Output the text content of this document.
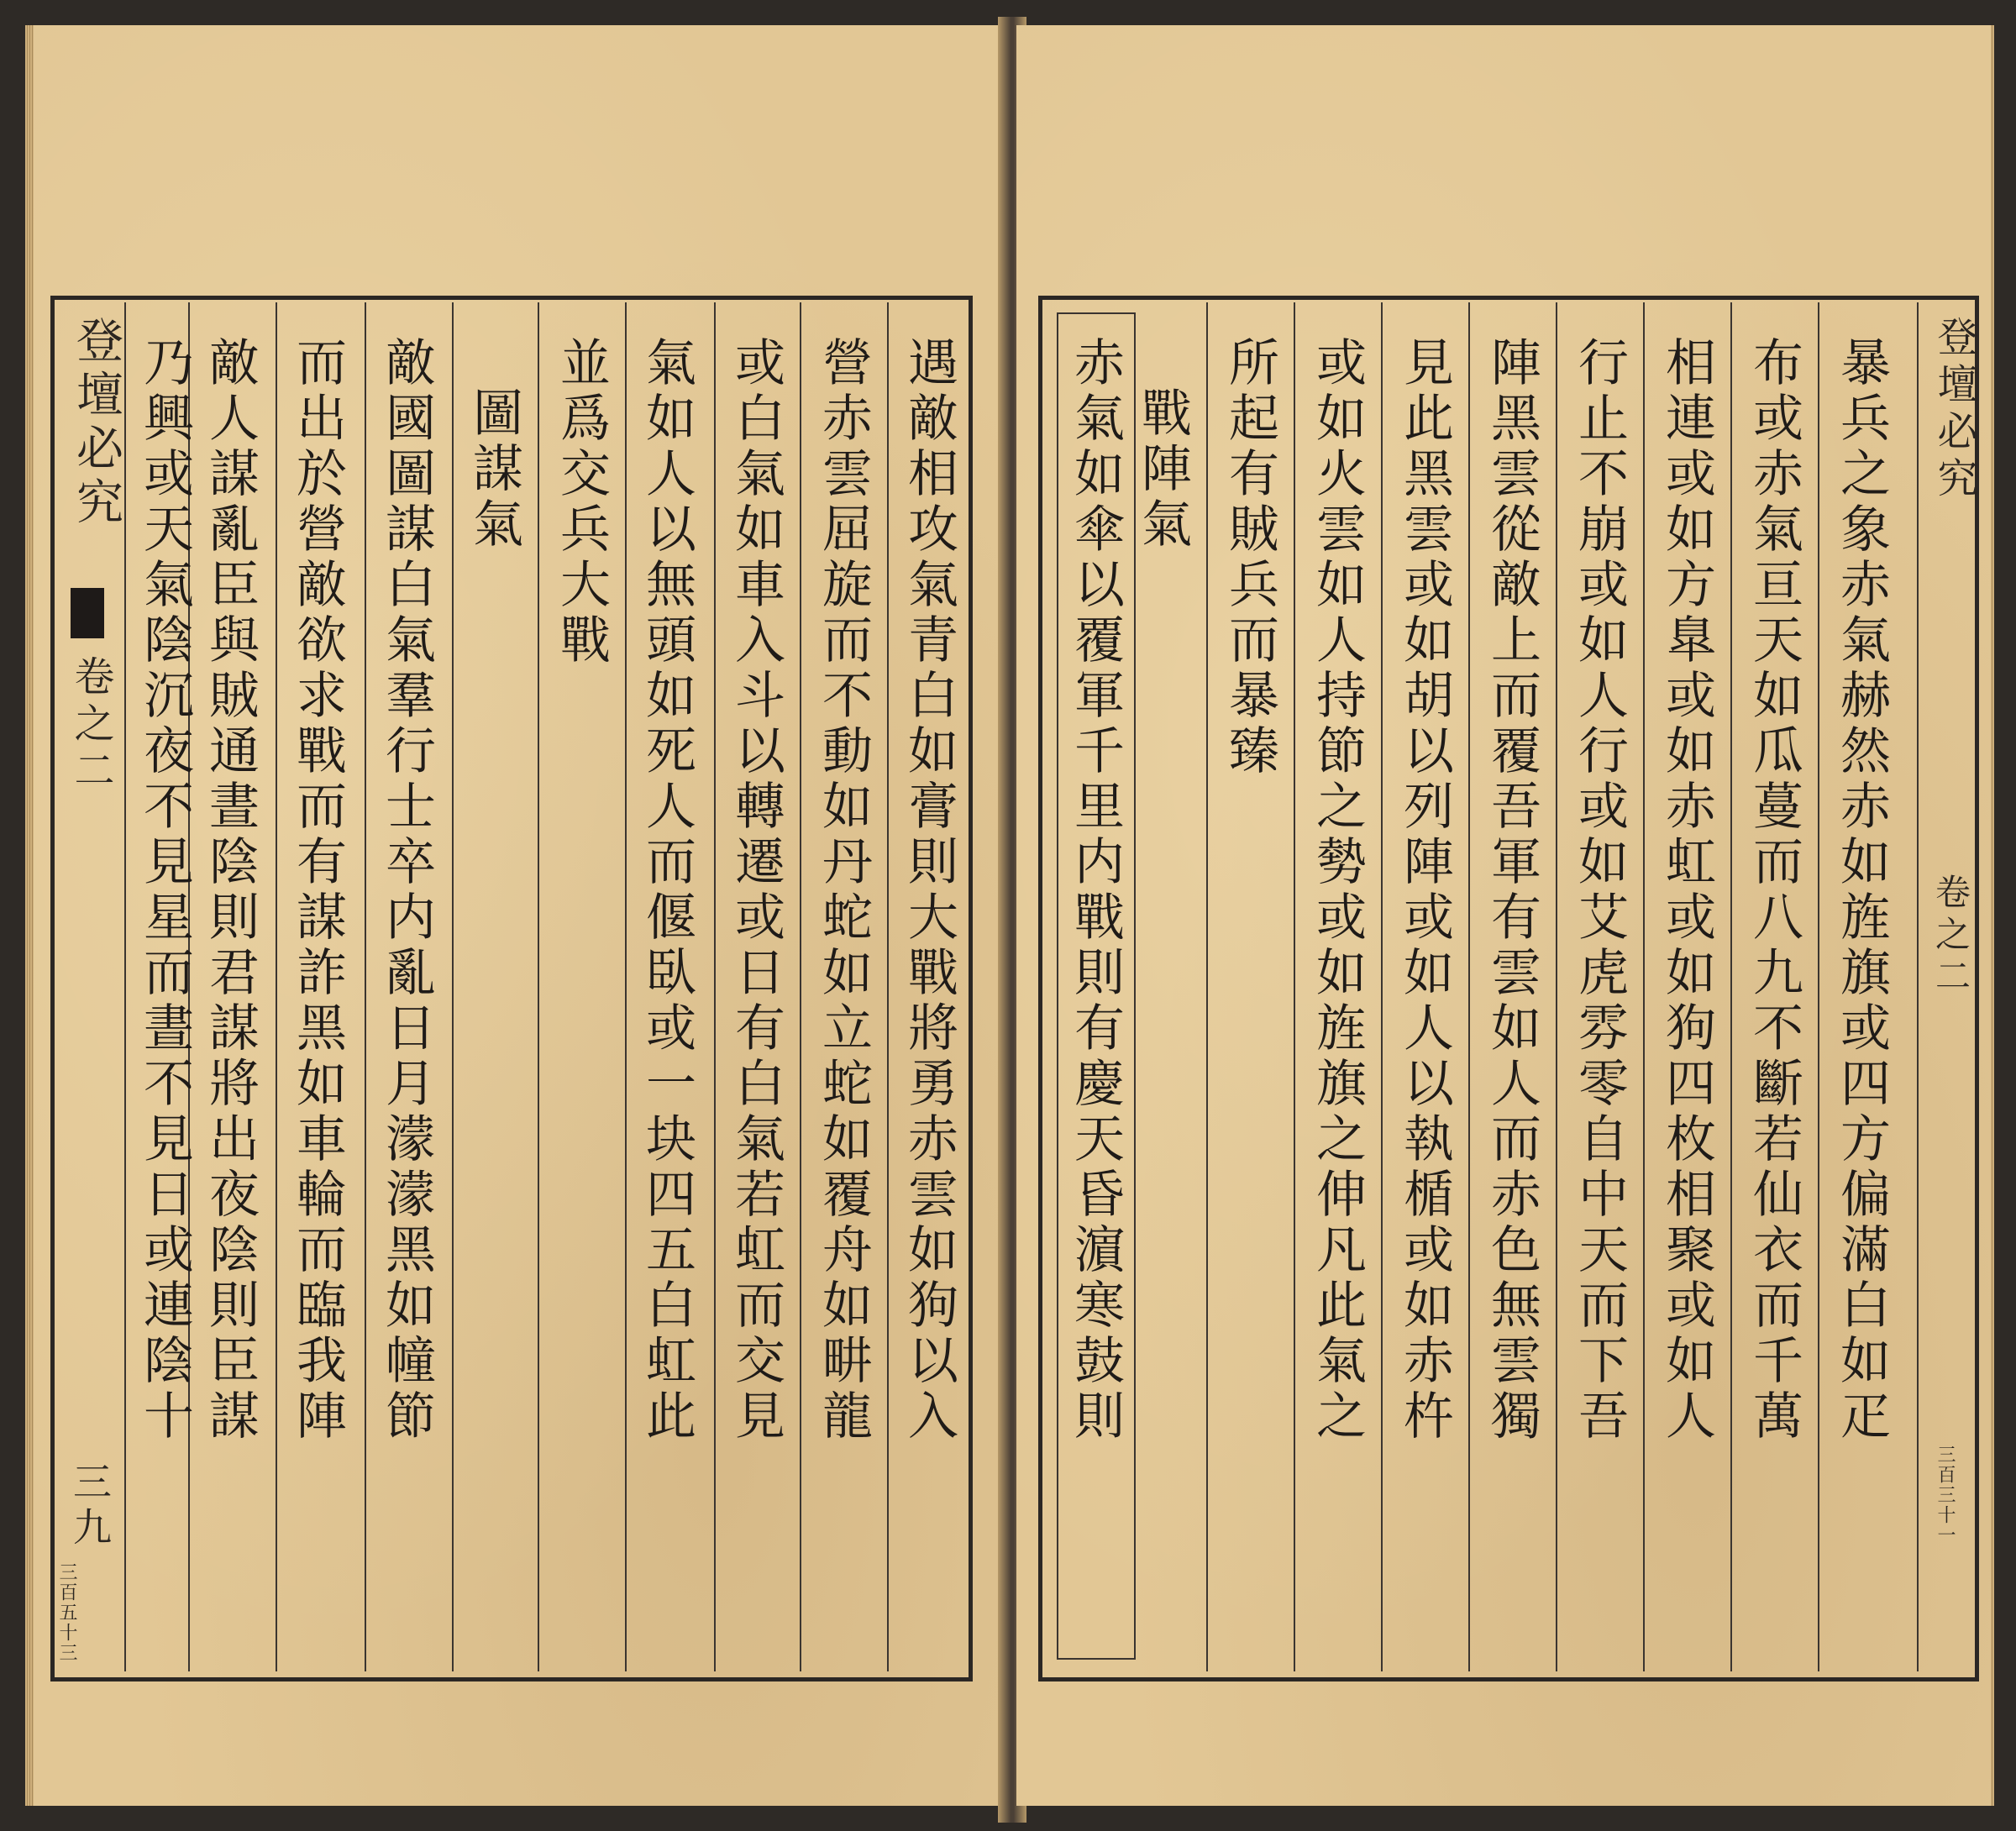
登壇必究
卷之二
三九
三百五十三
遇敵相攻氣青白如膏則大戰將勇赤雲如狗以入
營赤雲屈旋而不動如丹蛇如立蛇如覆舟如畊龍
或白氣如車入斗以轉遷或日有白氣若虹而交見
氣如人以無頭如死人而偃臥或一块四五白虹此
並爲交兵大戰
圖謀氣
敵國圖謀白氣羣行士卒内亂日月濛濛黑如幢節
而出於營敵欲求戰而有謀詐黑如車輪而臨我陣
敵人謀亂臣與賊通晝陰則君謀將出夜陰則臣謀
乃興或天氣陰沉夜不見星而晝不見日或連陰十	暴兵之象赤氣赫然赤如旌旗或四方偏滿白如疋
布或赤氣亘天如瓜蔓而八九不斷若仙衣而千萬
相連或如方臯或如赤虹或如狗四枚相聚或如人
行止不崩或如人行或如艾虎雰零自中天而下吾
陣黑雲從敵上而覆吾軍有雲如人而赤色無雲獨
見此黑雲或如胡以列陣或如人以執楯或如赤杵
或如火雲如人持節之勢或如旌旗之伸凡此氣之
所起有賊兵而暴臻
戰陣氣
赤氣如傘以覆軍千里内戰則有慶天昏濵寒鼓則	登壇必究
卷之二
三百三十一
